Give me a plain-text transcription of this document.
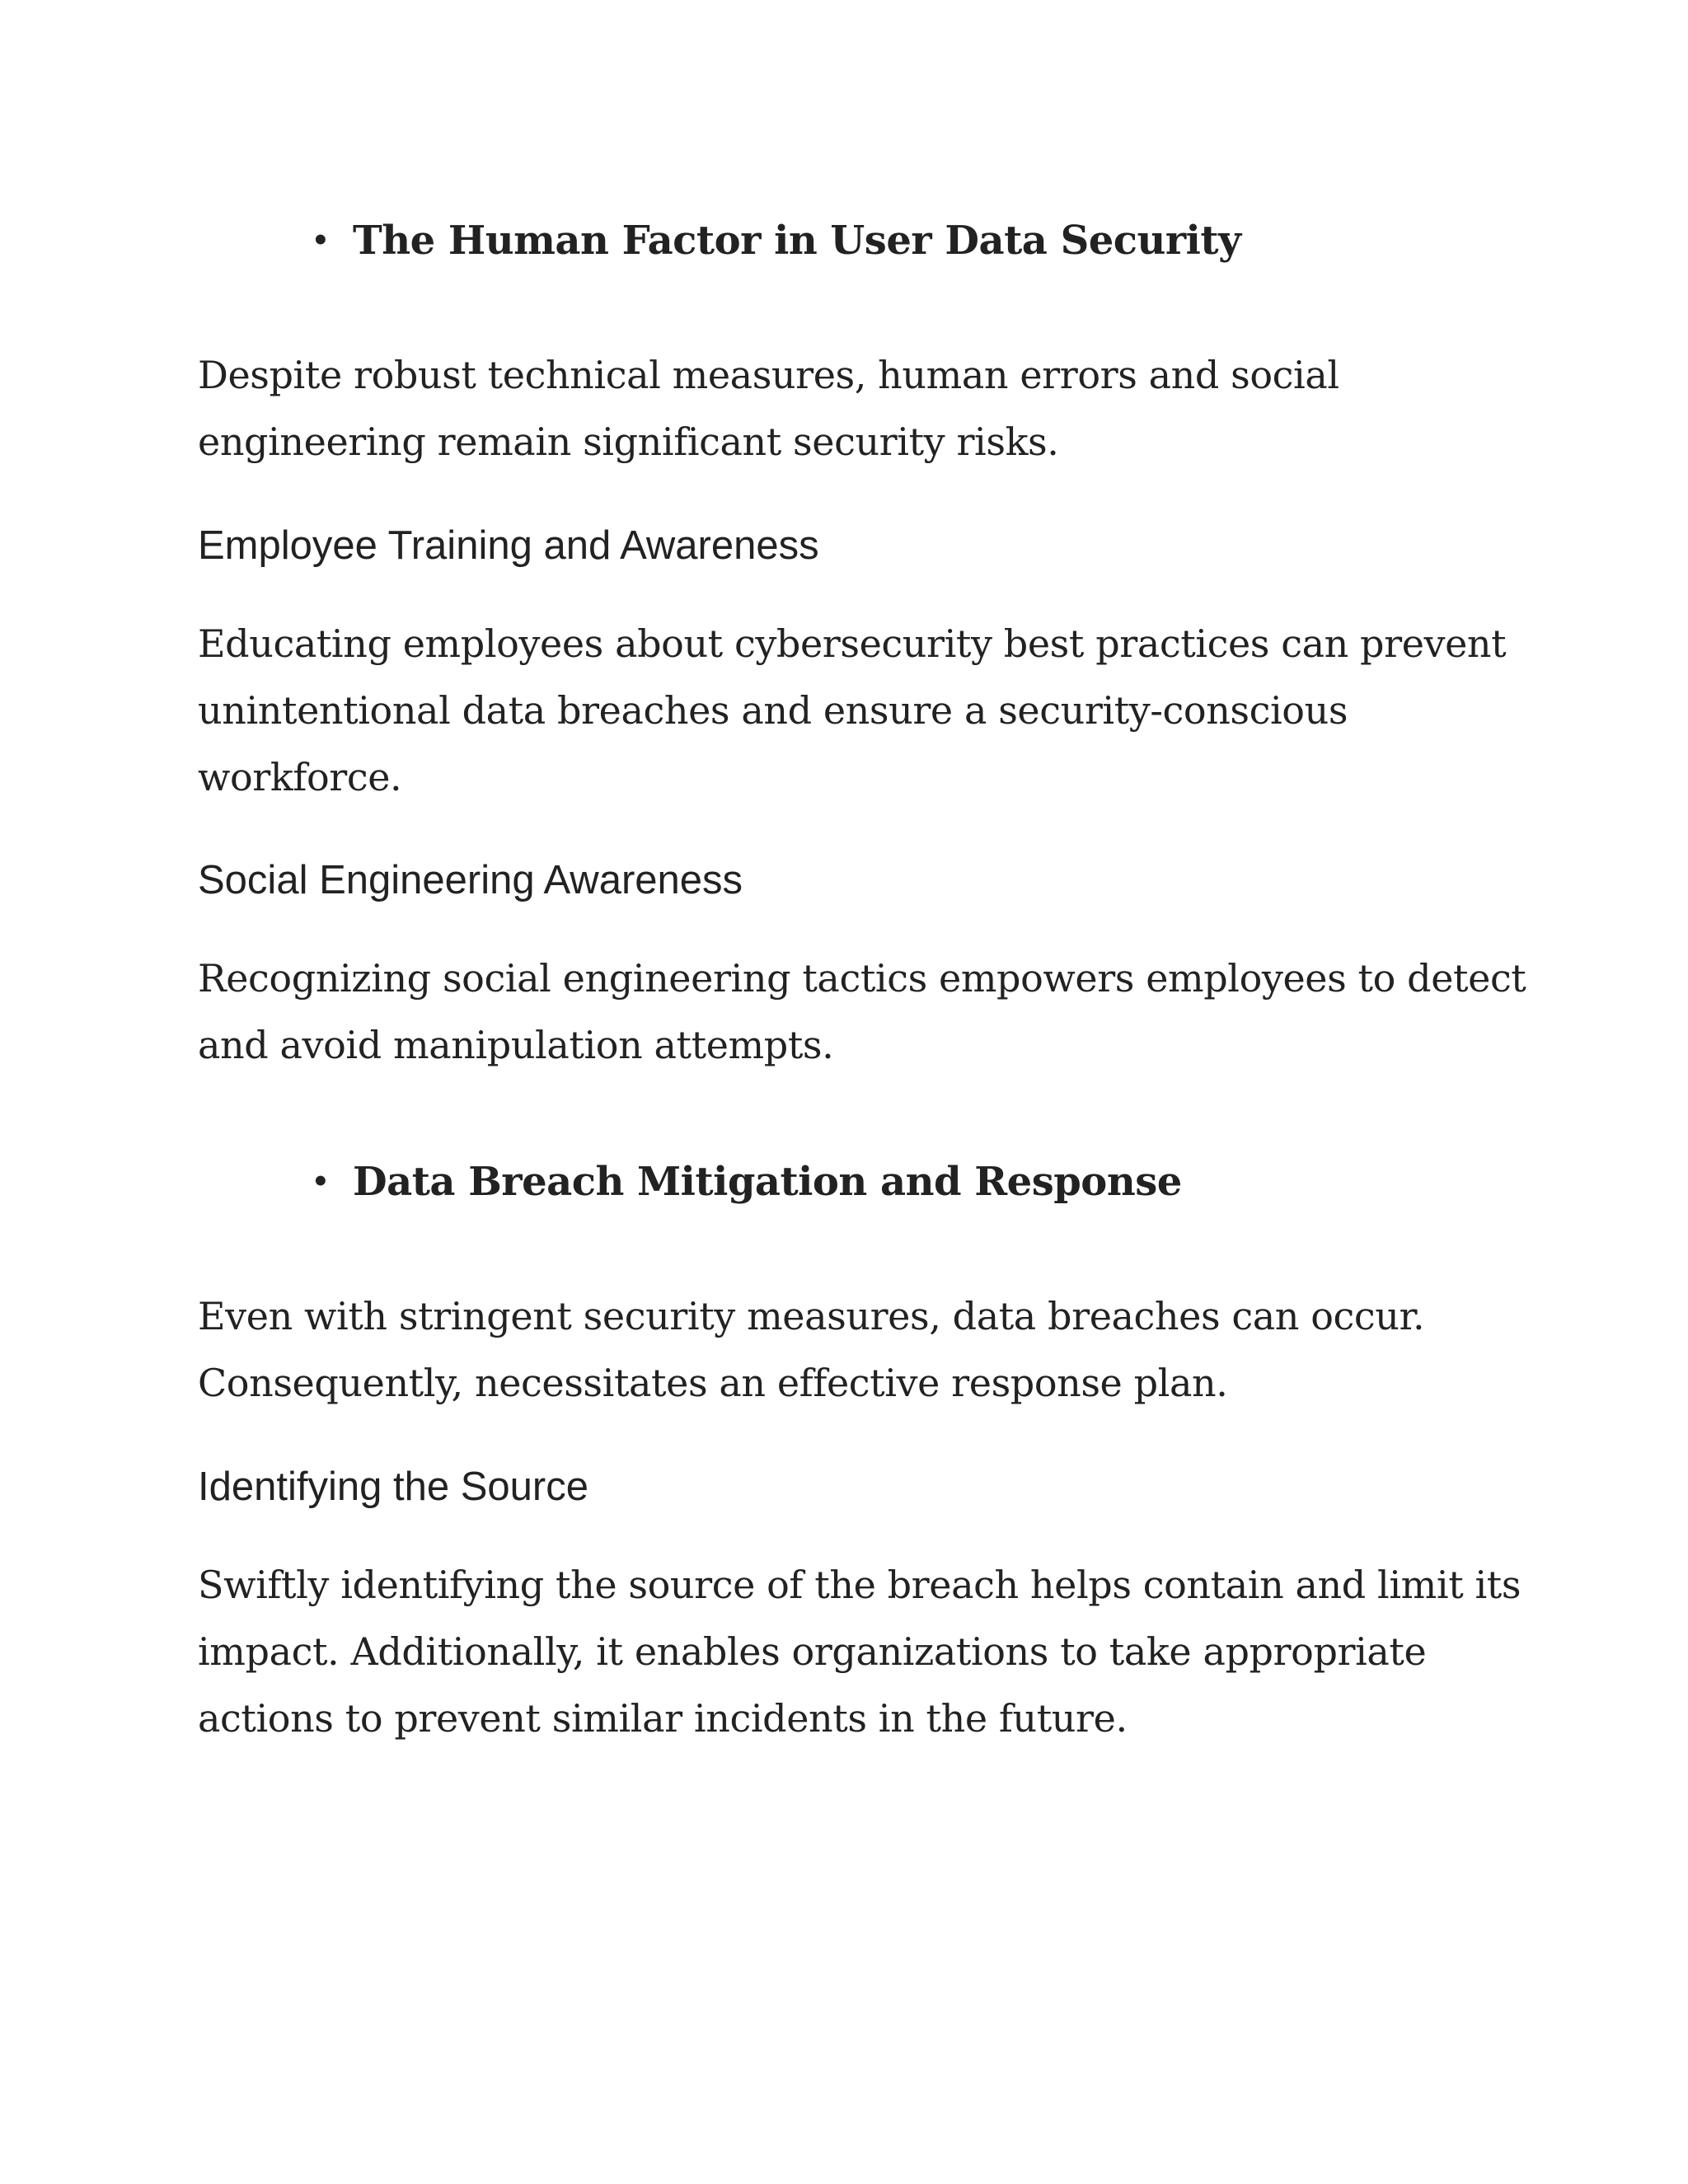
• The Human Factor in User Data Security
Despite robust technical measures, human errors and social
engineering remain significant security risks.
Employee Training and Awareness
Educating employees about cybersecurity best practices can prevent
unintentional data breaches and ensure a security-conscious
workforce.
Social Engineering Awareness
Recognizing social engineering tactics empowers employees to detect
and avoid manipulation attempts.
• Data Breach Mitigation and Response
Even with stringent security measures, data breaches can occur.
Consequently, necessitates an effective response plan.
Identifying the Source
Swiftly identifying the source of the breach helps contain and limit its
impact. Additionally, it enables organizations to take appropriate
actions to prevent similar incidents in the future.
